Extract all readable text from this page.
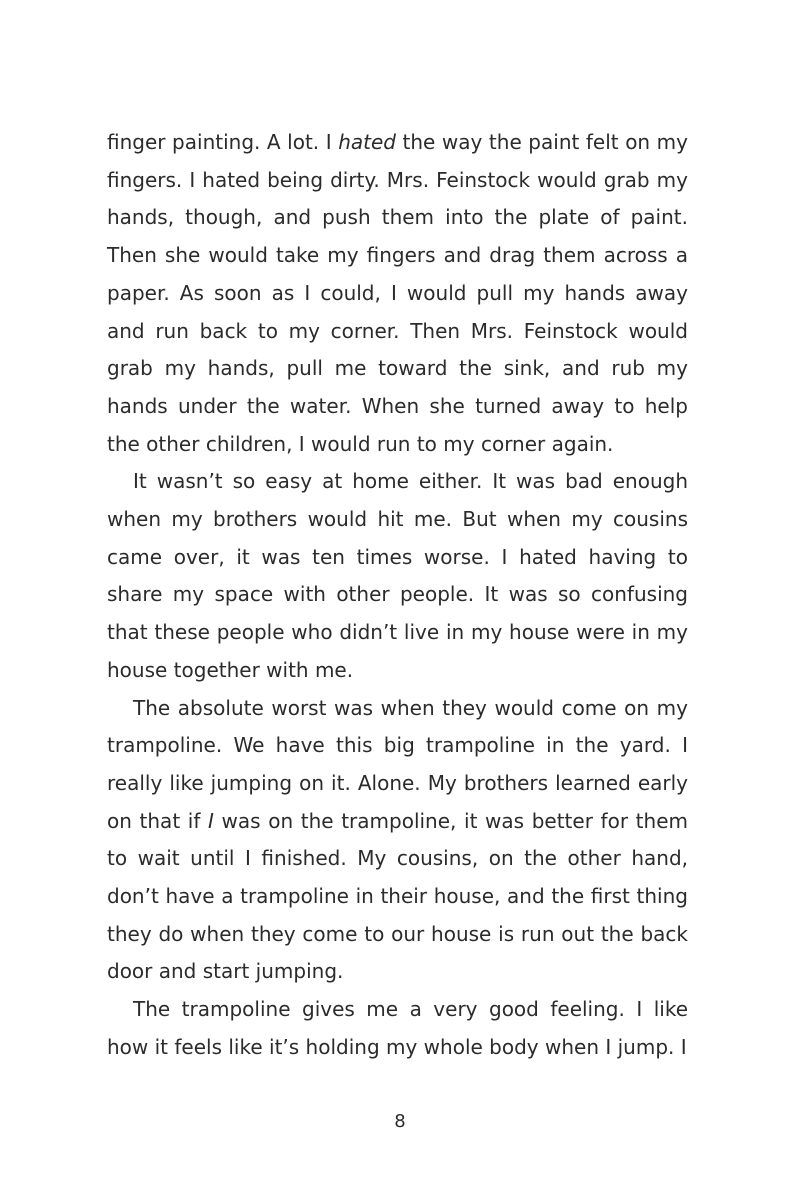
finger painting. A lot. I hated the way the paint felt on my fingers. I hated being dirty. Mrs. Feinstock would grab my hands, though, and push them into the plate of paint. Then she would take my fingers and drag them across a paper. As soon as I could, I would pull my hands away and run back to my corner. Then Mrs. Feinstock would grab my hands, pull me toward the sink, and rub my hands under the water. When she turned away to help the other children, I would run to my corner again.

It wasn’t so easy at home either. It was bad enough when my brothers would hit me. But when my cousins came over, it was ten times worse. I hated having to share my space with other people. It was so confusing that these people who didn’t live in my house were in my house together with me.

The absolute worst was when they would come on my trampoline. We have this big trampoline in the yard. I really like jumping on it. Alone. My brothers learned early on that if I was on the trampoline, it was better for them to wait until I finished. My cousins, on the other hand, don’t have a trampoline in their house, and the first thing they do when they come to our house is run out the back door and start jumping.

The trampoline gives me a very good feeling. I like how it feels like it’s holding my whole body when I jump. I

8
